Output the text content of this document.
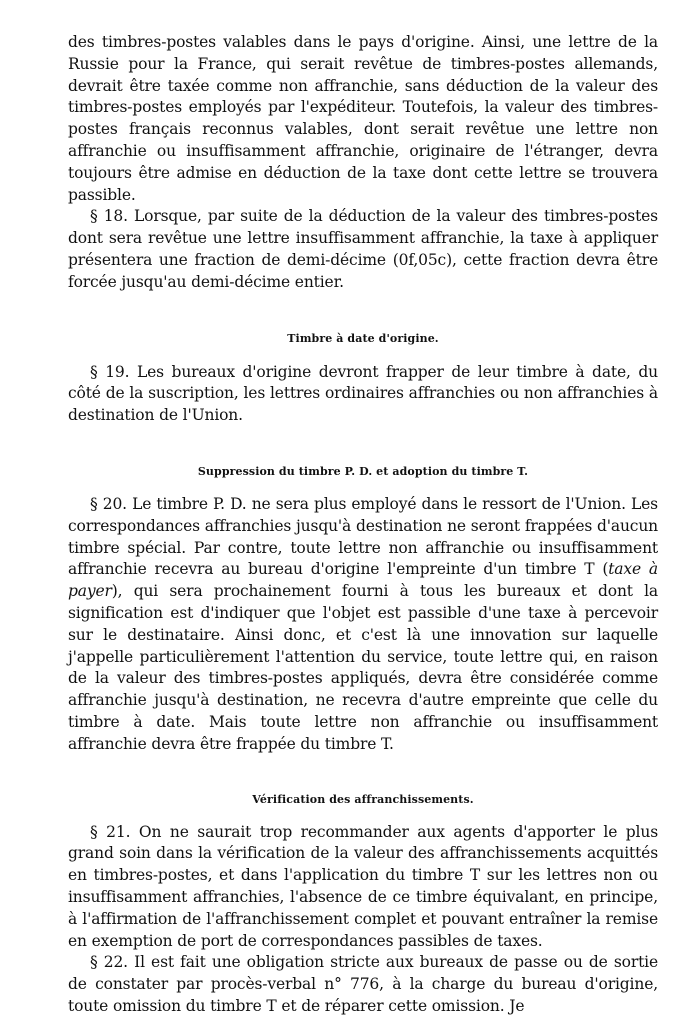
des timbres-postes valables dans le pays d'origine. Ainsi, une lettre de la Russie pour la France, qui serait revêtue de timbres-postes allemands, devrait être taxée comme non affranchie, sans déduction de la valeur des timbres-postes employés par l'expéditeur. Toutefois, la valeur des timbres-postes français reconnus valables, dont serait revêtue une lettre non affranchie ou insuffisamment affranchie, originaire de l'étranger, devra toujours être admise en déduction de la taxe dont cette lettre se trouvera passible.

§ 18. Lorsque, par suite de la déduction de la valeur des timbres-postes dont sera revêtue une lettre insuffisamment affranchie, la taxe à appliquer présentera une fraction de demi-décime (0f,05c), cette fraction devra être forcée jusqu'au demi-décime entier.

Timbre à date d'origine.

§ 19. Les bureaux d'origine devront frapper de leur timbre à date, du côté de la suscription, les lettres ordinaires affranchies ou non affranchies à destination de l'Union.

Suppression du timbre P. D. et adoption du timbre T.

§ 20. Le timbre P. D. ne sera plus employé dans le ressort de l'Union. Les correspondances affranchies jusqu'à destination ne seront frappées d'aucun timbre spécial. Par contre, toute lettre non affranchie ou insuffisamment affranchie recevra au bureau d'origine l'empreinte d'un timbre T (taxe à payer), qui sera prochainement fourni à tous les bureaux et dont la signification est d'indiquer que l'objet est passible d'une taxe à percevoir sur le destinataire. Ainsi donc, et c'est là une innovation sur laquelle j'appelle particulièrement l'attention du service, toute lettre qui, en raison de la valeur des timbres-postes appliqués, devra être considérée comme affranchie jusqu'à destination, ne recevra d'autre empreinte que celle du timbre à date. Mais toute lettre non affranchie ou insuffisamment affranchie devra être frappée du timbre T.

Vérification des affranchissements.

§ 21. On ne saurait trop recommander aux agents d'apporter le plus grand soin dans la vérification de la valeur des affranchissements acquittés en timbres-postes, et dans l'application du timbre T sur les lettres non ou insuffisamment affranchies, l'absence de ce timbre équivalant, en principe, à l'affirmation de l'affranchissement complet et pouvant entraîner la remise en exemption de port de correspondances passibles de taxes.

§ 22. Il est fait une obligation stricte aux bureaux de passe ou de sortie de constater par procès-verbal n° 776, à la charge du bureau d'origine, toute omission du timbre T et de réparer cette omission. Je
